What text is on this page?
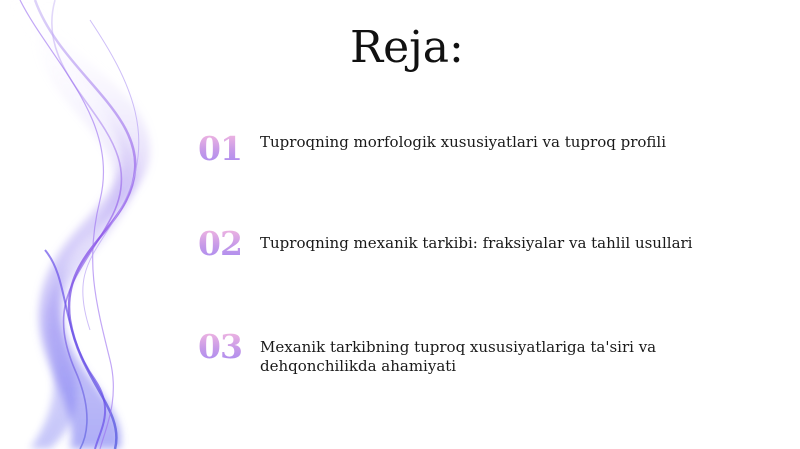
Reja:
01 Tuproqning morfologik xususiyatlari va tuproq profili
02 Tuproqning mexanik tarkibi: fraksiyalar va tahlil usullari
03 Mexanik tarkibning tuproq xususiyatlariga ta'siri va dehqonchilikda ahamiyati
